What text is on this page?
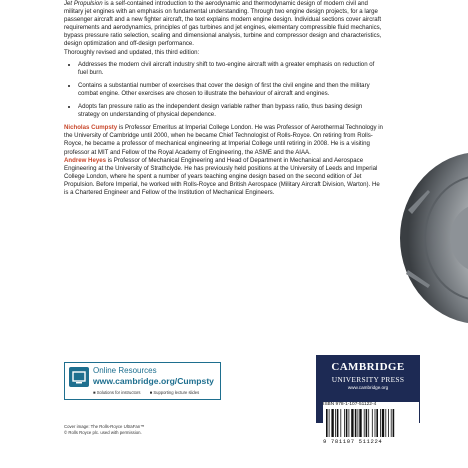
Jet Propulsion is a self-contained introduction to the aerodynamic and thermodynamic design of modern civil and military jet engines with an emphasis on fundamental understanding. Through two engine design projects, for a large passenger aircraft and a new fighter aircraft, the text explains modern engine design. Individual sections cover aircraft requirements and aerodynamics, principles of gas turbines and jet engines, elementary compressible fluid mechanics, bypass pressure ratio selection, scaling and dimensional analysis, turbine and compressor design and characteristics, design optimization and off-design performance.

Thoroughly revised and updated, this third edition:

• Addresses the modern civil aircraft industry shift to two-engine aircraft with a greater emphasis on reduction of fuel burn.
• Contains a substantial number of exercises that cover the design of first the civil engine and then the military combat engine. Other exercises are chosen to illustrate the behaviour of aircraft and engines.
• Adopts fan pressure ratio as the independent design variable rather than bypass ratio, thus basing design strategy on understanding of physical dependence.

Nicholas Cumpsty is Professor Emeritus at Imperial College London. He was Professor of Aerothermal Technology in the University of Cambridge until 2000, when he became Chief Technologist of Rolls-Royce. On retiring from Rolls-Royce, he became a professor of mechanical engineering at Imperial College until retiring in 2008. He is a visiting professor at MIT and Fellow of the Royal Academy of Engineering, the ASME and the AIAA.

Andrew Heyes is Professor of Mechanical Engineering and Head of Department in Mechanical and Aerospace Engineering at the University of Strathclyde. He has previously held positions at the University of Leeds and Imperial College London, where he spent a number of years teaching engine design based on the second edition of Jet Propulsion. Before Imperial, he worked with Rolls-Royce and British Aerospace (Military Aircraft Division, Warton). He is a Chartered Engineer and Fellow of the Institution of Mechanical Engineers.

Online Resources
www.cambridge.org/Cumpsty
■ Solutions for instructors ■ Supporting lecture slides
Cover image: The Rolls-Royce UltraFan™
© Rolls Royce plc. used with permission.
CAMBRIDGE
UNIVERSITY PRESS
www.cambridge.org
ISBN 978-1-107-51122-4
9 781107 511224
